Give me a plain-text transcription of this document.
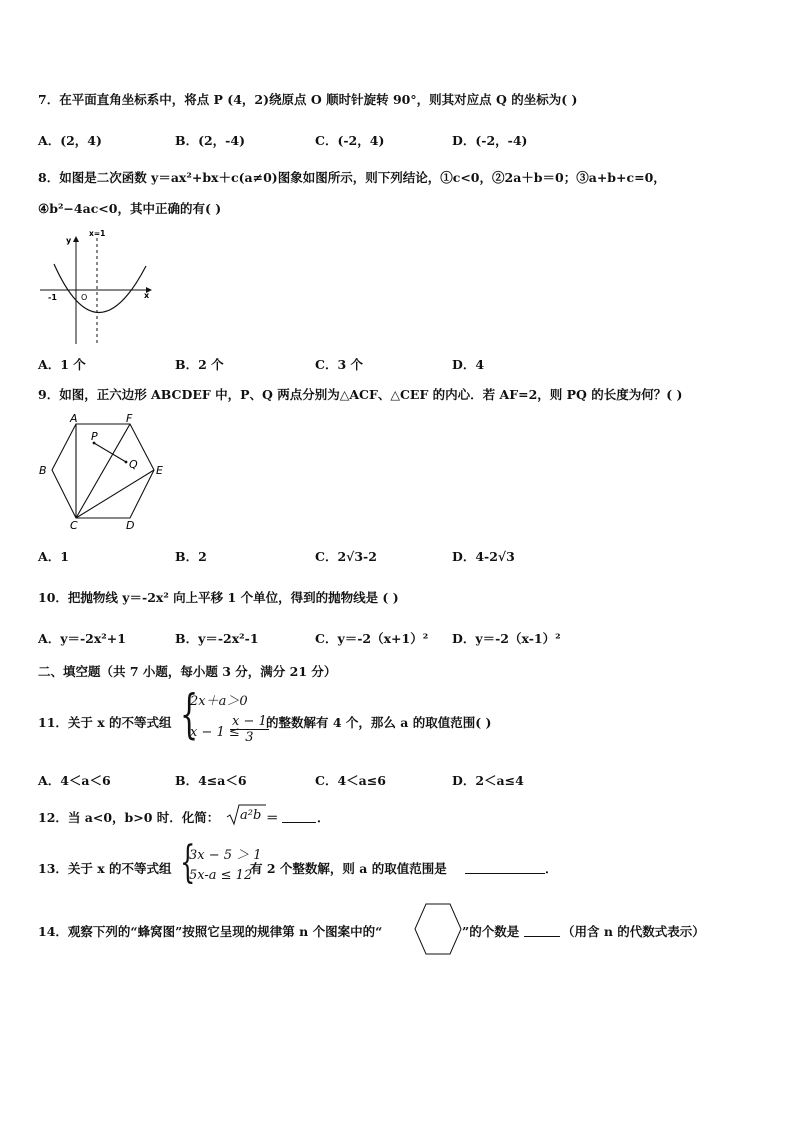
7．在平面直角坐标系中，将点 P (4，2)绕原点 O 顺时针旋转 90°，则其对应点 Q 的坐标为( )
A．(2，4)	B．(2，-4)	C．(-2，4)	D．(-2，-4)
8．如图是二次函数 y＝ax²+bx＋c(a≠0)图象如图所示，则下列结论，①c<0，②2a＋b＝0；③a+b+c=0，
④b²−4ac<0，其中正确的有( )
y
x=1
O
-1	x
A．1 个	B．2 个	C．3 个	D．4
9．如图，正六边形 ABCDEF 中，P、Q 两点分别为△ACF、△CEF 的内心．若 AF=2，则 PQ 的长度为何？( )
A	F
E
D
C
B
P
Q
A．1	B．2	C．2√3-2	D．4-2√3
10．把抛物线 y＝-2x² 向上平移 1 个单位，得到的抛物线是 ( )
A．y＝-2x²+1	B．y＝-2x²-1	C．y＝-2（x+1）² D．y＝-2（x-1）²
二、填空题（共 7 小题，每小题 3 分，满分 21 分）
11．关于 x 的不等式组 {
2x＋a＞0
x − 1 ≤
$\frac{x - 1}{3}$
的整数解有 4 个，那么 a 的取值范围( )
A．4＜a＜6	B．4≤a＜6	C．4＜a≤6	D．2＜a≤4
12．当 a<0，b>0 时．化简： a²b ＝	．
13．关于 x 的不等式组 {
3x − 5 ＞ 1
5x-a ≤ 12
有 2 个整数解，则 a 的取值范围是	．
14．观察下列的“蜂窝图”按照它呈现的规律第 n 个图案中的“	”的个数是	（用含 n 的代数式表示）
